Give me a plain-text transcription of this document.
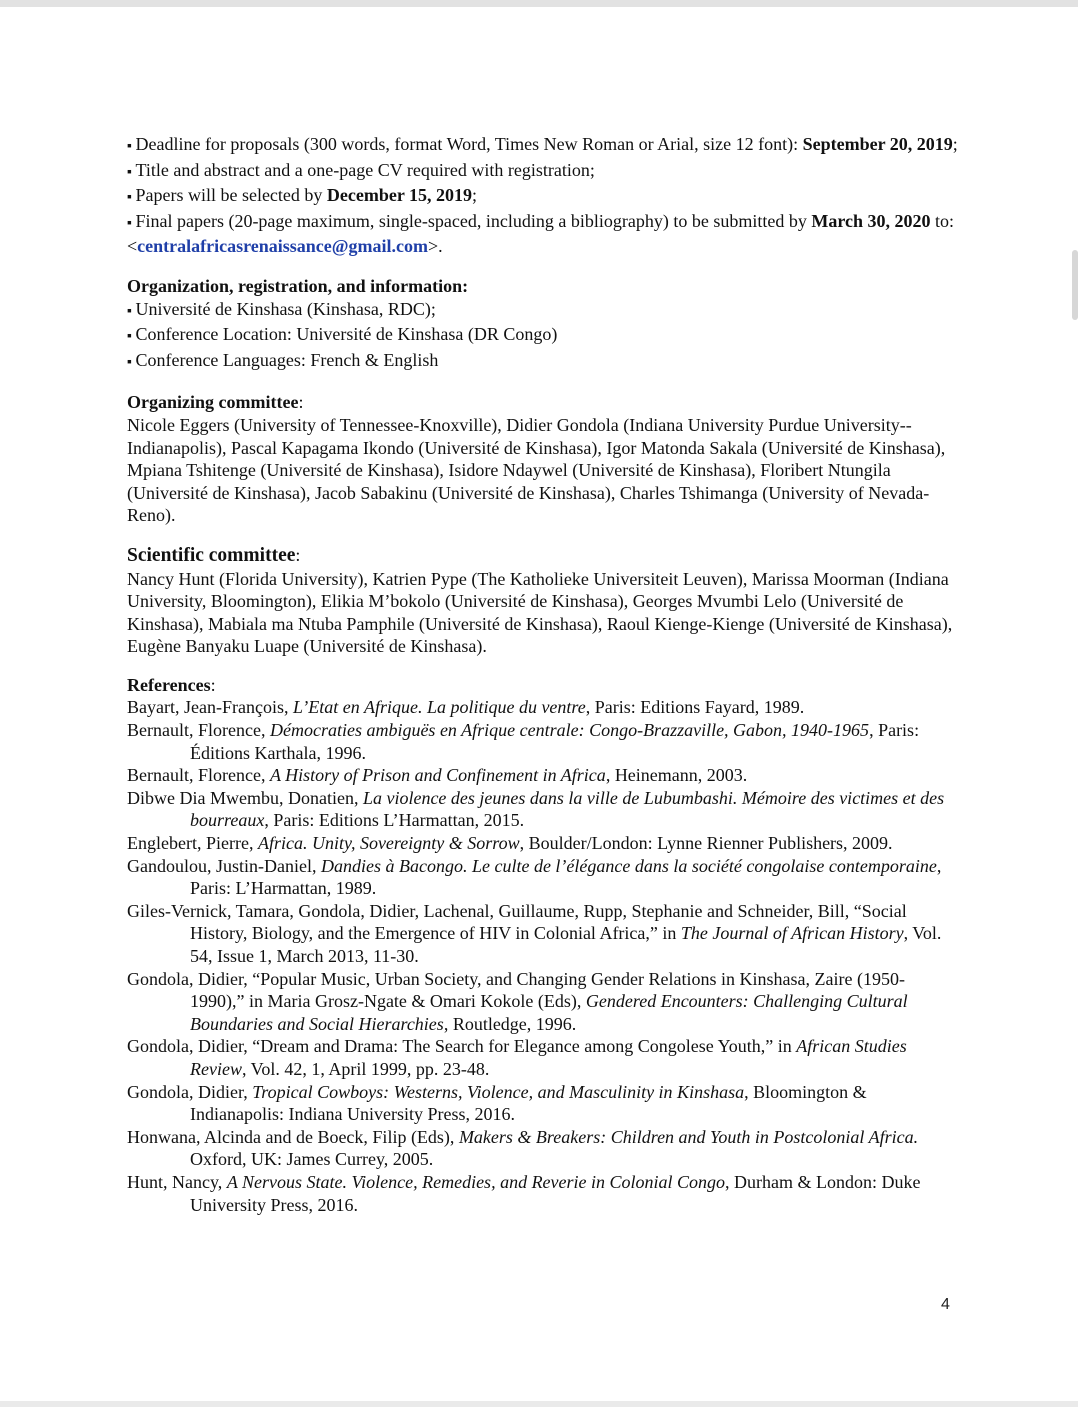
▪ Deadline for proposals (300 words, format Word, Times New Roman or Arial, size 12 font): September 20, 2019;

▪ Title and abstract and a one-page CV required with registration;

▪ Papers will be selected by December 15, 2019;

▪ Final papers (20-page maximum, single-spaced, including a bibliography) to be submitted by March 30, 2020 to: <centralafricasrenaissance@gmail.com>.

Organization, registration, and information:

▪ Université de Kinshasa (Kinshasa, RDC);

▪ Conference Location: Université de Kinshasa (DR Congo)

▪ Conference Languages: French & English

Organizing committee:

Nicole Eggers (University of Tennessee-Knoxville), Didier Gondola (Indiana University Purdue University--Indianapolis), Pascal Kapagama Ikondo (Université de Kinshasa), Igor Matonda Sakala (Université de Kinshasa), Mpiana Tshitenge (Université de Kinshasa), Isidore Ndaywel (Université de Kinshasa), Floribert Ntungila (Université de Kinshasa), Jacob Sabakinu (Université de Kinshasa), Charles Tshimanga (University of Nevada-Reno).

Scientific committee:

Nancy Hunt (Florida University), Katrien Pype (The Katholieke Universiteit Leuven), Marissa Moorman (Indiana University, Bloomington), Elikia M’bokolo (Université de Kinshasa), Georges Mvumbi Lelo (Université de Kinshasa), Mabiala ma Ntuba Pamphile (Université de Kinshasa), Raoul Kienge-Kienge (Université de Kinshasa), Eugène Banyaku Luape (Université de Kinshasa).

References:

Bayart, Jean-François, L’Etat en Afrique. La politique du ventre, Paris: Editions Fayard, 1989.

Bernault, Florence, Démocraties ambiguës en Afrique centrale: Congo-Brazzaville, Gabon, 1940-1965, Paris: Éditions Karthala, 1996.

Bernault, Florence, A History of Prison and Confinement in Africa, Heinemann, 2003.

Dibwe Dia Mwembu, Donatien, La violence des jeunes dans la ville de Lubumbashi. Mémoire des victimes et des bourreaux, Paris: Editions L’Harmattan, 2015.

Englebert, Pierre, Africa. Unity, Sovereignty & Sorrow, Boulder/London: Lynne Rienner Publishers, 2009.

Gandoulou, Justin-Daniel, Dandies à Bacongo. Le culte de l’élégance dans la société congolaise contemporaine, Paris: L’Harmattan, 1989.

Giles-Vernick, Tamara, Gondola, Didier, Lachenal, Guillaume, Rupp, Stephanie and Schneider, Bill, “Social History, Biology, and the Emergence of HIV in Colonial Africa,” in The Journal of African History, Vol. 54, Issue 1, March 2013, 11-30.

Gondola, Didier, “Popular Music, Urban Society, and Changing Gender Relations in Kinshasa, Zaire (1950-1990),” in Maria Grosz-Ngate & Omari Kokole (Eds), Gendered Encounters: Challenging Cultural Boundaries and Social Hierarchies, Routledge, 1996.

Gondola, Didier, “Dream and Drama: The Search for Elegance among Congolese Youth,” in African Studies Review, Vol. 42, 1, April 1999, pp. 23-48.

Gondola, Didier, Tropical Cowboys: Westerns, Violence, and Masculinity in Kinshasa, Bloomington & Indianapolis: Indiana University Press, 2016.

Honwana, Alcinda and de Boeck, Filip (Eds), Makers & Breakers: Children and Youth in Postcolonial Africa. Oxford, UK: James Currey, 2005.

Hunt, Nancy, A Nervous State. Violence, Remedies, and Reverie in Colonial Congo, Durham & London: Duke University Press, 2016.

4
